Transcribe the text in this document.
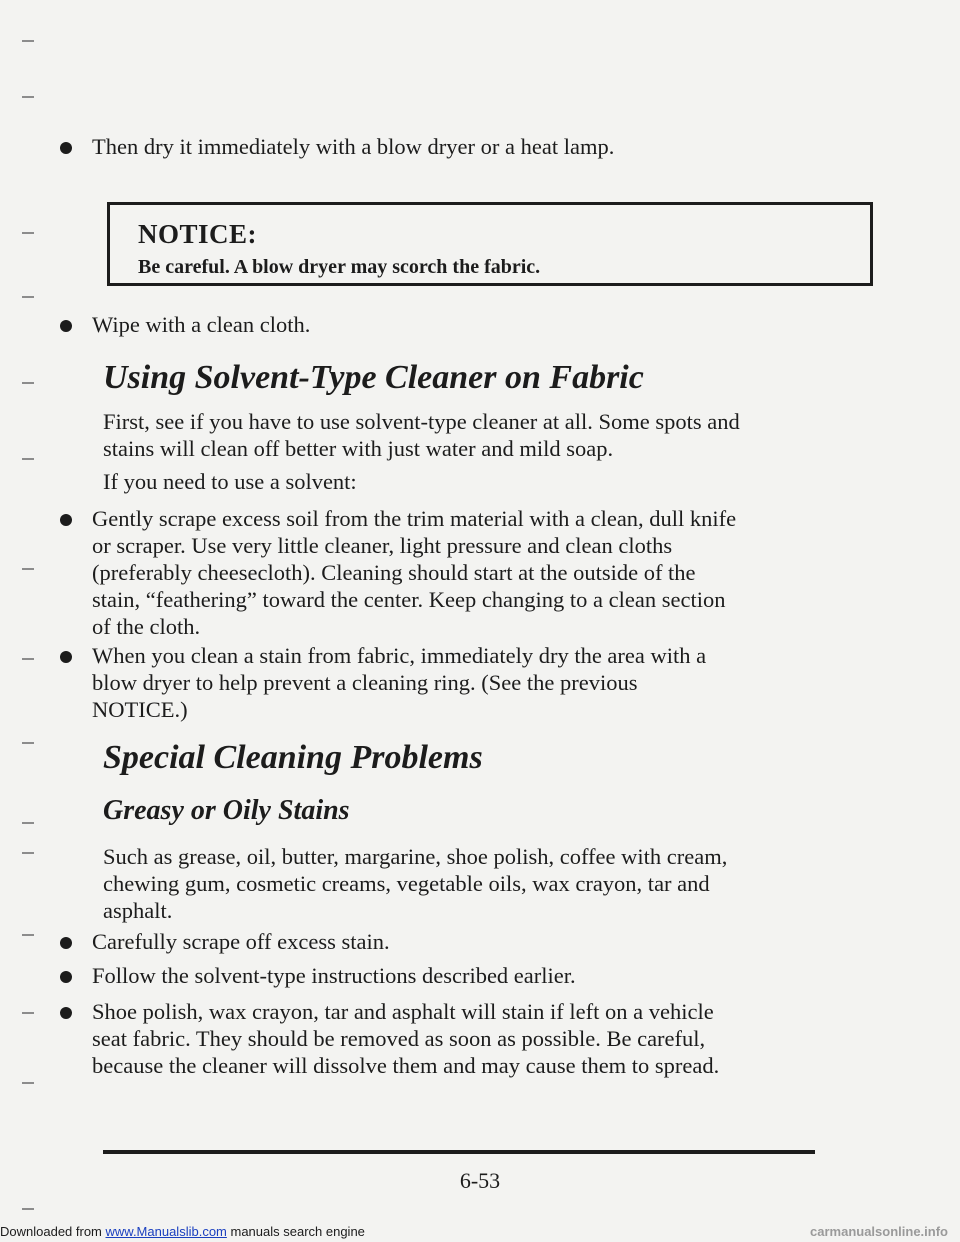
Then dry it immediately with a blow dryer or a heat lamp.
NOTICE:
Be careful. A blow dryer may scorch the fabric.
Wipe with a clean cloth.
Using Solvent-Type Cleaner on Fabric
First, see if you have to use solvent-type cleaner at all. Some spots and
stains will clean off better with just water and mild soap.
If you need to use a solvent:
Gently scrape excess soil from the trim material with a clean, dull knife
or scraper. Use very little cleaner, light pressure and clean cloths
(preferably cheesecloth). Cleaning should start at the outside of the
stain, “feathering” toward the center. Keep changing to a clean section
of the cloth.
When you clean a stain from fabric, immediately dry the area with a
blow dryer to help prevent a cleaning ring. (See the previous
NOTICE.)
Special Cleaning Problems
Greasy or Oily Stains
Such as grease, oil, butter, margarine, shoe polish, coffee with cream,
chewing gum, cosmetic creams, vegetable oils, wax crayon, tar and
asphalt.
Carefully scrape off excess stain.
Follow the solvent-type instructions described earlier.
Shoe polish, wax crayon, tar and asphalt will stain if left on a vehicle
seat fabric. They should be removed as soon as possible. Be careful,
because the cleaner will dissolve them and may cause them to spread.
6-53
Downloaded from www.Manualslib.com manuals search engine	carmanualsonline.info
